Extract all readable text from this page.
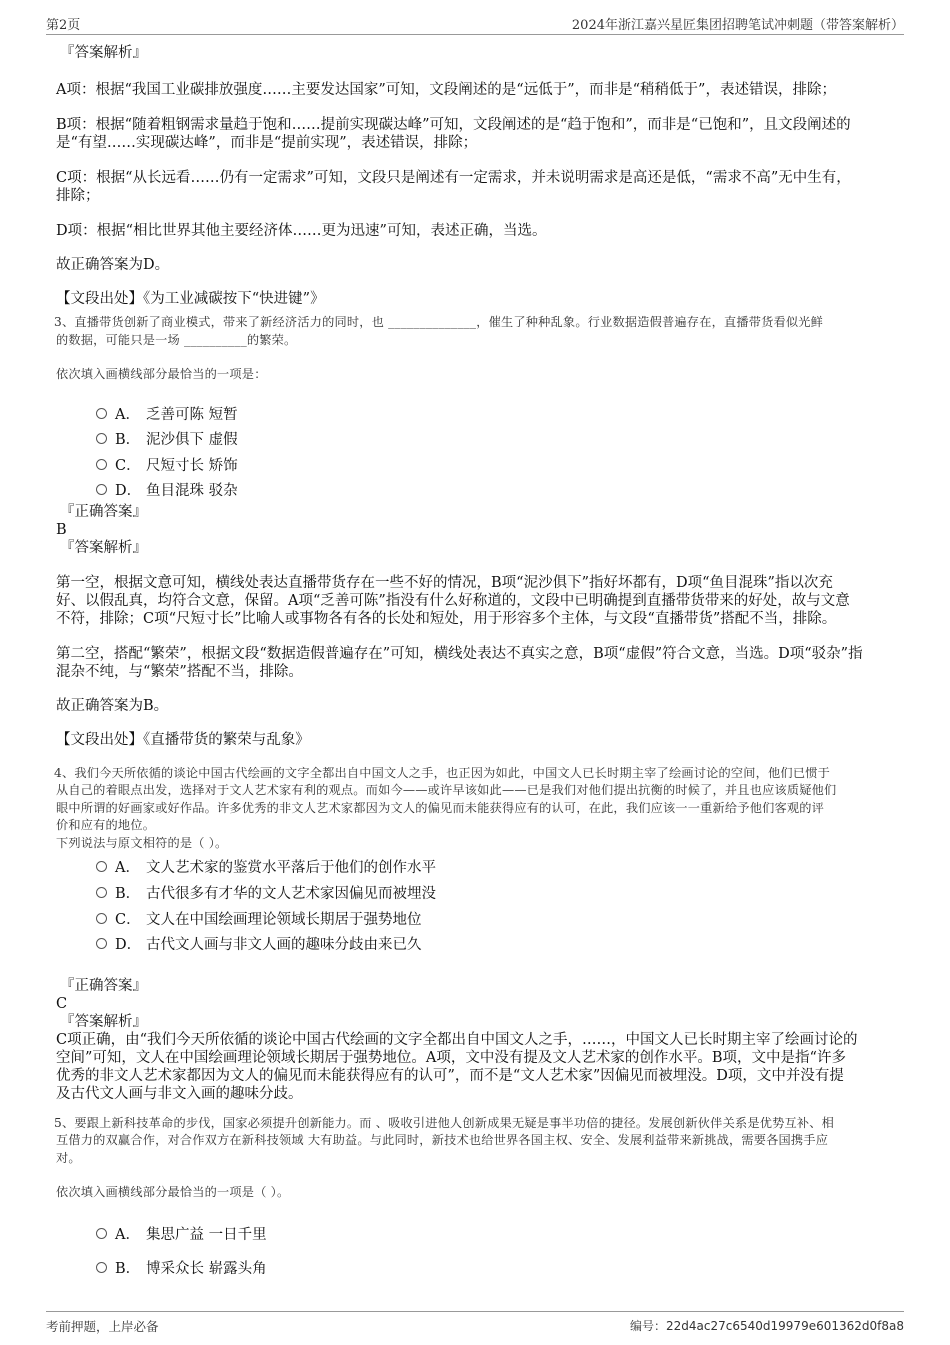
第2页	2024年浙江嘉兴星匠集团招聘笔试冲刺题（带答案解析）

『答案解析』

A项：根据“我国工业碳排放强度……主要发达国家”可知，文段阐述的是“远低于”，而非是“稍稍低于”，表述错误，排除；

B项：根据“随着粗钢需求量趋于饱和……提前实现碳达峰”可知，文段阐述的是“趋于饱和”，而非是“已饱和”，且文段阐述的

是“有望……实现碳达峰”，而非是“提前实现”，表述错误，排除；

C项：根据“从长远看……仍有一定需求”可知，文段只是阐述有一定需求，并未说明需求是高还是低，“需求不高”无中生有，

排除；

D项：根据“相比世界其他主要经济体……更为迅速”可知，表述正确，当选。

故正确答案为D。

【文段出处】《为工业减碳按下“快进键”》

3、直播带货创新了商业模式，带来了新经济活力的同时，也 ______________，催生了种种乱象。行业数据造假普遍存在，直播带货看似光鲜

的数据，可能只是一场 __________的繁荣。

依次填入画横线部分最恰当的一项是：

A． 乏善可陈 短暂
B． 泥沙俱下 虚假
C． 尺短寸长 矫饰
D． 鱼目混珠 驳杂

『正确答案』

B

『答案解析』

第一空，根据文意可知，横线处表达直播带货存在一些不好的情况，B项“泥沙俱下”指好坏都有，D项“鱼目混珠”指以次充

好、以假乱真，均符合文意，保留。A项“乏善可陈”指没有什么好称道的，文段中已明确提到直播带货带来的好处，故与文意

不符，排除；C项“尺短寸长”比喻人或事物各有各的长处和短处，用于形容多个主体，与文段“直播带货”搭配不当，排除。

第二空，搭配“繁荣”，根据文段“数据造假普遍存在”可知，横线处表达不真实之意，B项“虚假”符合文意，当选。D项“驳杂”指

混杂不纯，与“繁荣”搭配不当，排除。

故正确答案为B。

【文段出处】《直播带货的繁荣与乱象》

4、我们今天所依循的谈论中国古代绘画的文字全都出自中国文人之手，也正因为如此，中国文人已长时期主宰了绘画讨论的空间，他们已惯于

从自己的着眼点出发，选择对于文人艺术家有利的观点。而如今——或许早该如此——已是我们对他们提出抗衡的时候了，并且也应该质疑他们

眼中所谓的好画家或好作品。许多优秀的非文人艺术家都因为文人的偏见而未能获得应有的认可，在此，我们应该一一重新给予他们客观的评

价和应有的地位。

下列说法与原文相符的是（ ）。

A． 文人艺术家的鉴赏水平落后于他们的创作水平
B． 古代很多有才华的文人艺术家因偏见而被埋没
C． 文人在中国绘画理论领域长期居于强势地位
D． 古代文人画与非文人画的趣味分歧由来已久

『正确答案』

C

『答案解析』

C项正确，由“我们今天所依循的谈论中国古代绘画的文字全都出自中国文人之手，……，中国文人已长时期主宰了绘画讨论的

空间”可知，文人在中国绘画理论领域长期居于强势地位。A项，文中没有提及文人艺术家的创作水平。B项，文中是指“许多

优秀的非文人艺术家都因为文人的偏见而未能获得应有的认可”，而不是“文人艺术家”因偏见而被埋没。D项，文中并没有提

及古代文人画与非文入画的趣味分歧。

5、要跟上新科技革命的步伐，国家必须提升创新能力。而 、吸收引进他人创新成果无疑是事半功倍的捷径。发展创新伙伴关系是优势互补、相

互借力的双赢合作，对合作双方在新科技领域 大有助益。与此同时，新技术也给世界各国主权、安全、发展利益带来新挑战，需要各国携手应

对。

依次填入画横线部分最恰当的一项是（ ）。

A． 集思广益 一日千里
B． 博采众长 崭露头角
考前押题，上岸必备	编号：22d4ac27c6540d19979e601362d0f8a8
